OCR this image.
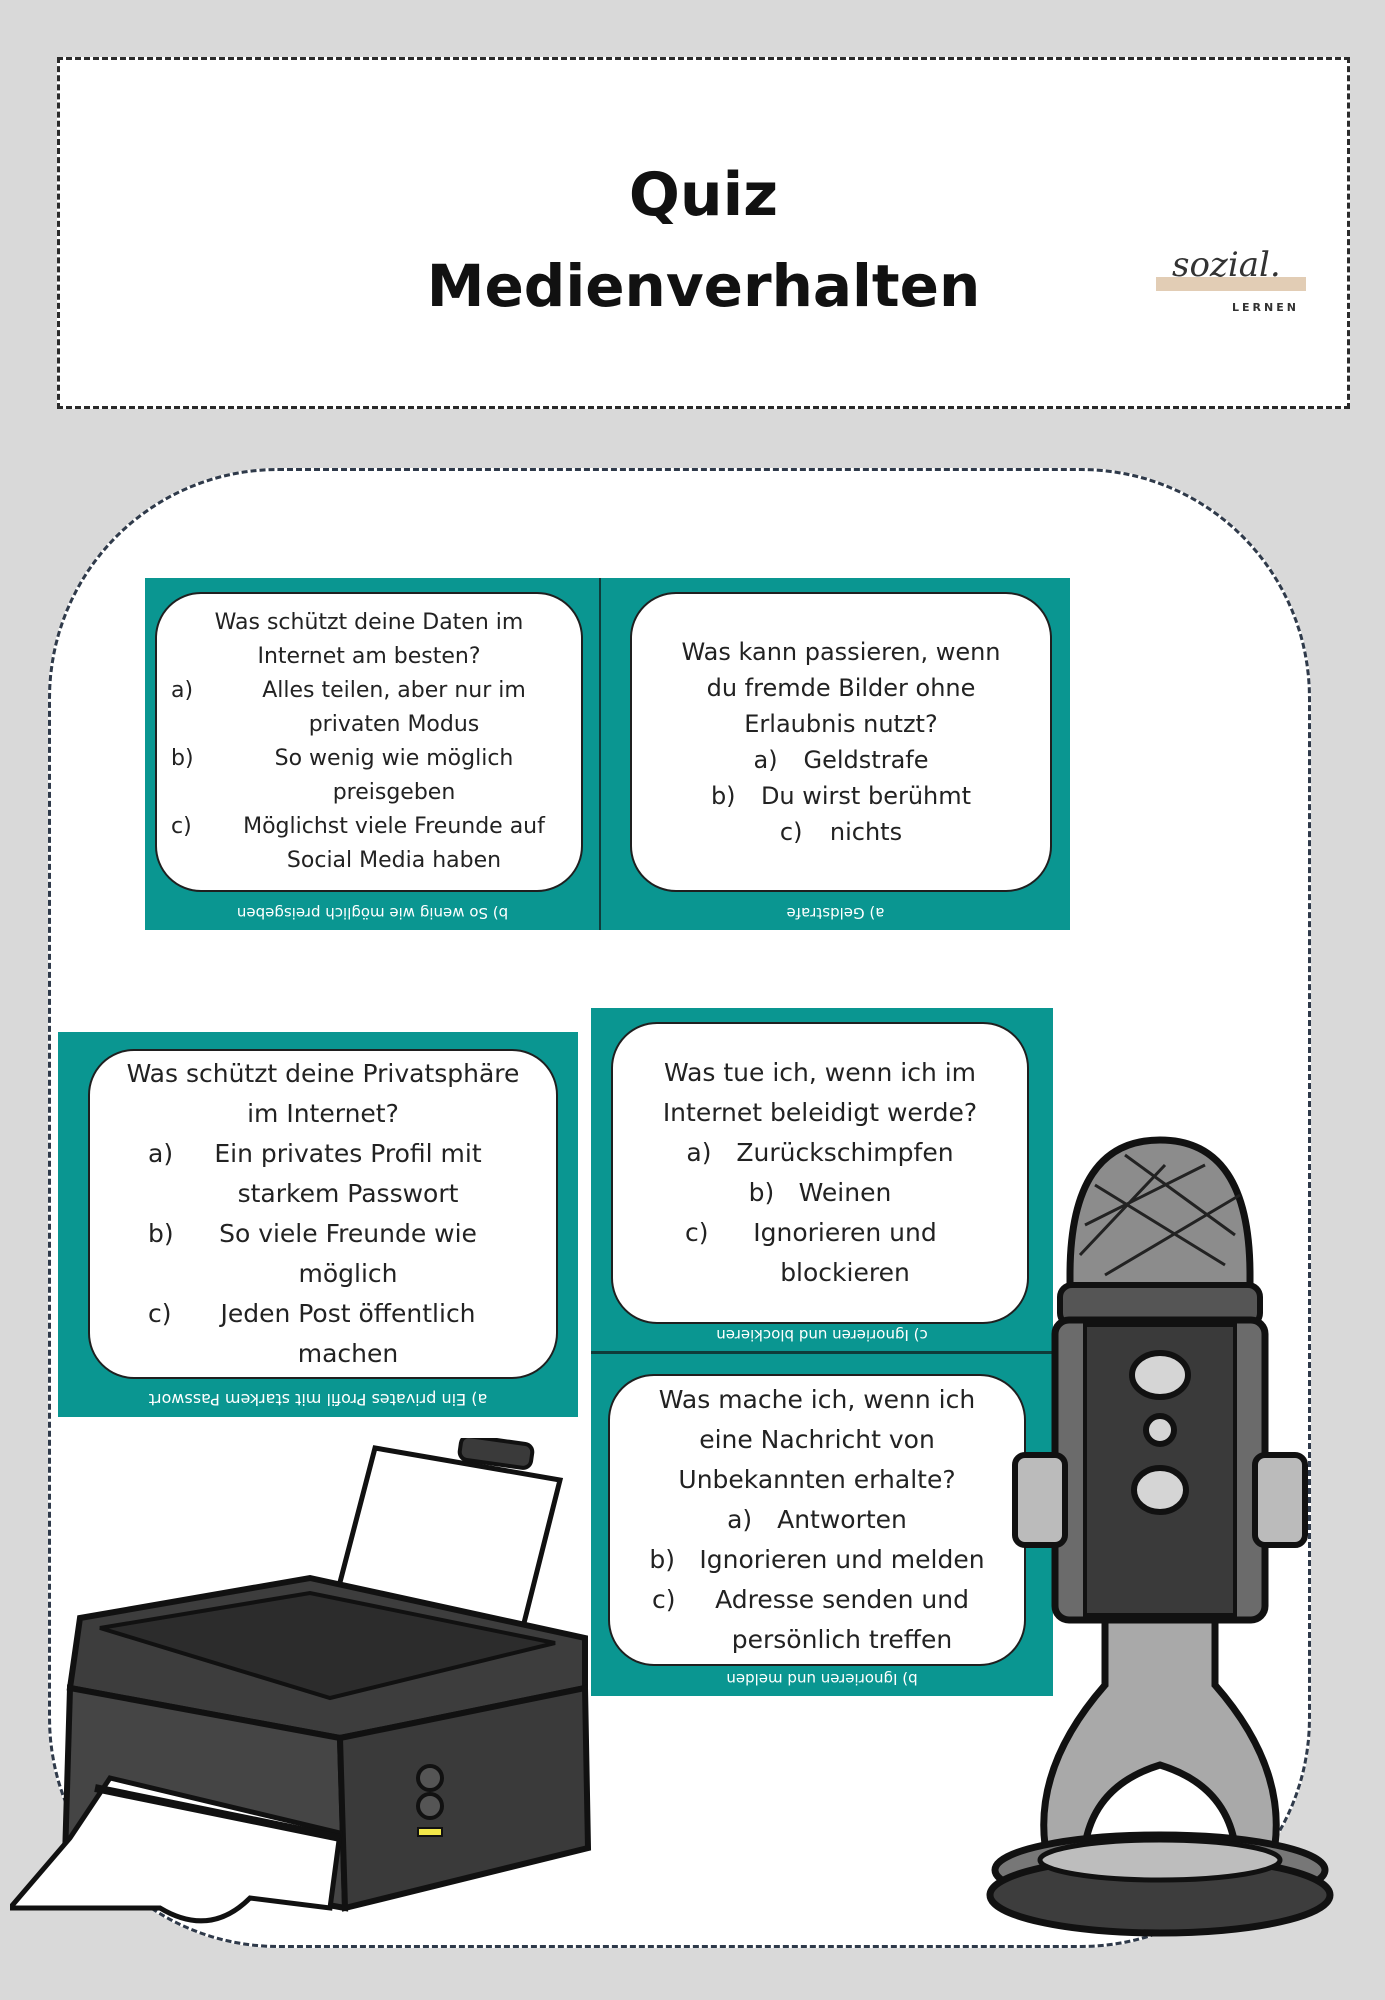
Quiz
Medienverhalten	sozial.
LERNEN
Was schützt deine Daten im Internet am besten?
a)	Alles teilen, aber nur im privaten Modus
b)	So wenig wie möglich preisgeben
c)	Möglichst viele Freunde auf Social Media haben
b) So wenig wie möglich preisgeben
Was kann passieren, wenn du fremde Bilder ohne Erlaubnis nutzt?
a)	Geldstrafe
b)	Du wirst berühmt
c)	nichts
a) Geldstrafe
Was schützt deine Privatsphäre im Internet?
a)	Ein privates Profil mit starkem Passwort
b)	So viele Freunde wie möglich
c)	Jeden Post öffentlich machen
a) Ein privates Profil mit starkem Passwort
Was tue ich, wenn ich im Internet beleidigt werde?
a) Zurückschimpfen
b) Weinen
c)	Ignorieren und blockieren
c) Ignorieren und blockieren
Was mache ich, wenn ich eine Nachricht von Unbekannten erhalte?
a) Antworten
b) Ignorieren und melden
c)	Adresse senden und persönlich treffen
b) Ignorieren und melden
